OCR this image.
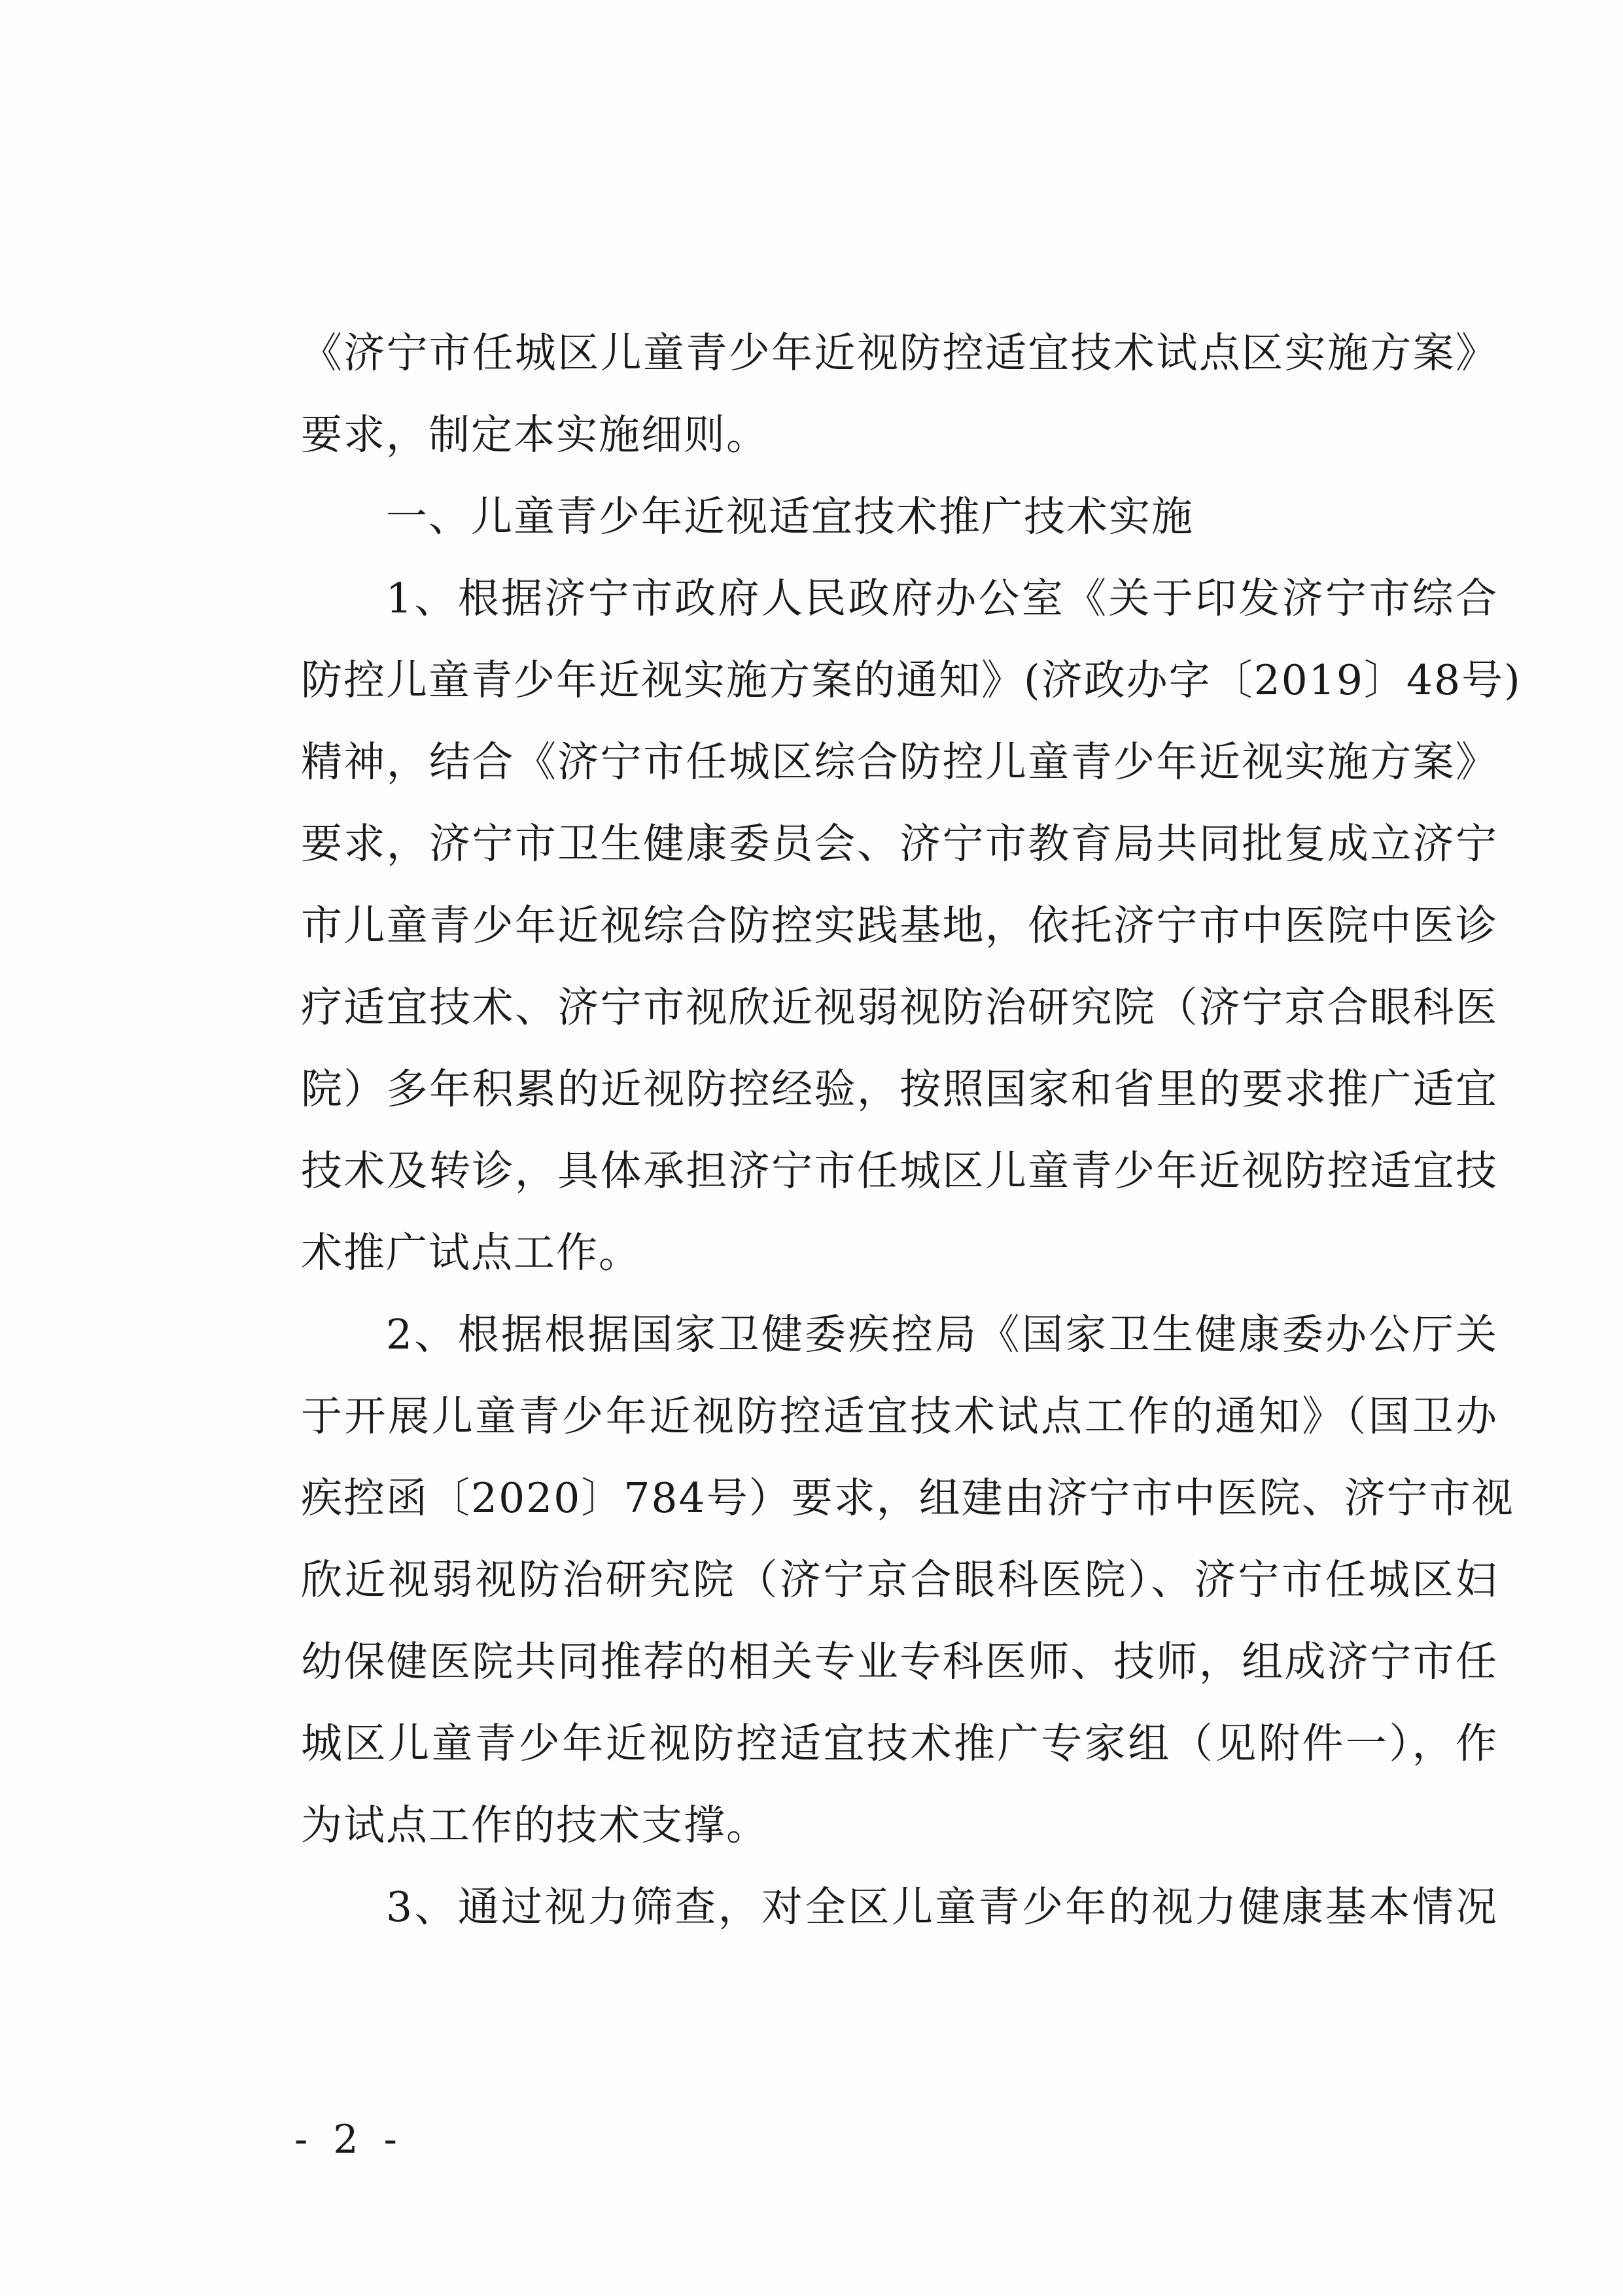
《济宁市任城区儿童青少年近视防控适宜技术试点区实施方案》
要求，制定本实施细则。
一、儿童青少年近视适宜技术推广技术实施
1、根据济宁市政府人民政府办公室《关于印发济宁市综合
防控儿童青少年近视实施方案的通知》(济政办字〔2019〕48号)
精神，结合《济宁市任城区综合防控儿童青少年近视实施方案》
要求，济宁市卫生健康委员会、济宁市教育局共同批复成立济宁
市儿童青少年近视综合防控实践基地，依托济宁市中医院中医诊
疗适宜技术、济宁市视欣近视弱视防治研究院（济宁京合眼科医
院）多年积累的近视防控经验，按照国家和省里的要求推广适宜
技术及转诊，具体承担济宁市任城区儿童青少年近视防控适宜技
术推广试点工作。
2、根据根据国家卫健委疾控局《国家卫生健康委办公厅关
于开展儿童青少年近视防控适宜技术试点工作的通知》（国卫办
疾控函〔2020〕784号）要求，组建由济宁市中医院、济宁市视
欣近视弱视防治研究院（济宁京合眼科医院）、济宁市任城区妇
幼保健医院共同推荐的相关专业专科医师、技师，组成济宁市任
城区儿童青少年近视防控适宜技术推广专家组（见附件一），作
为试点工作的技术支撑。
3、通过视力筛查，对全区儿童青少年的视力健康基本情况
- 2 -
